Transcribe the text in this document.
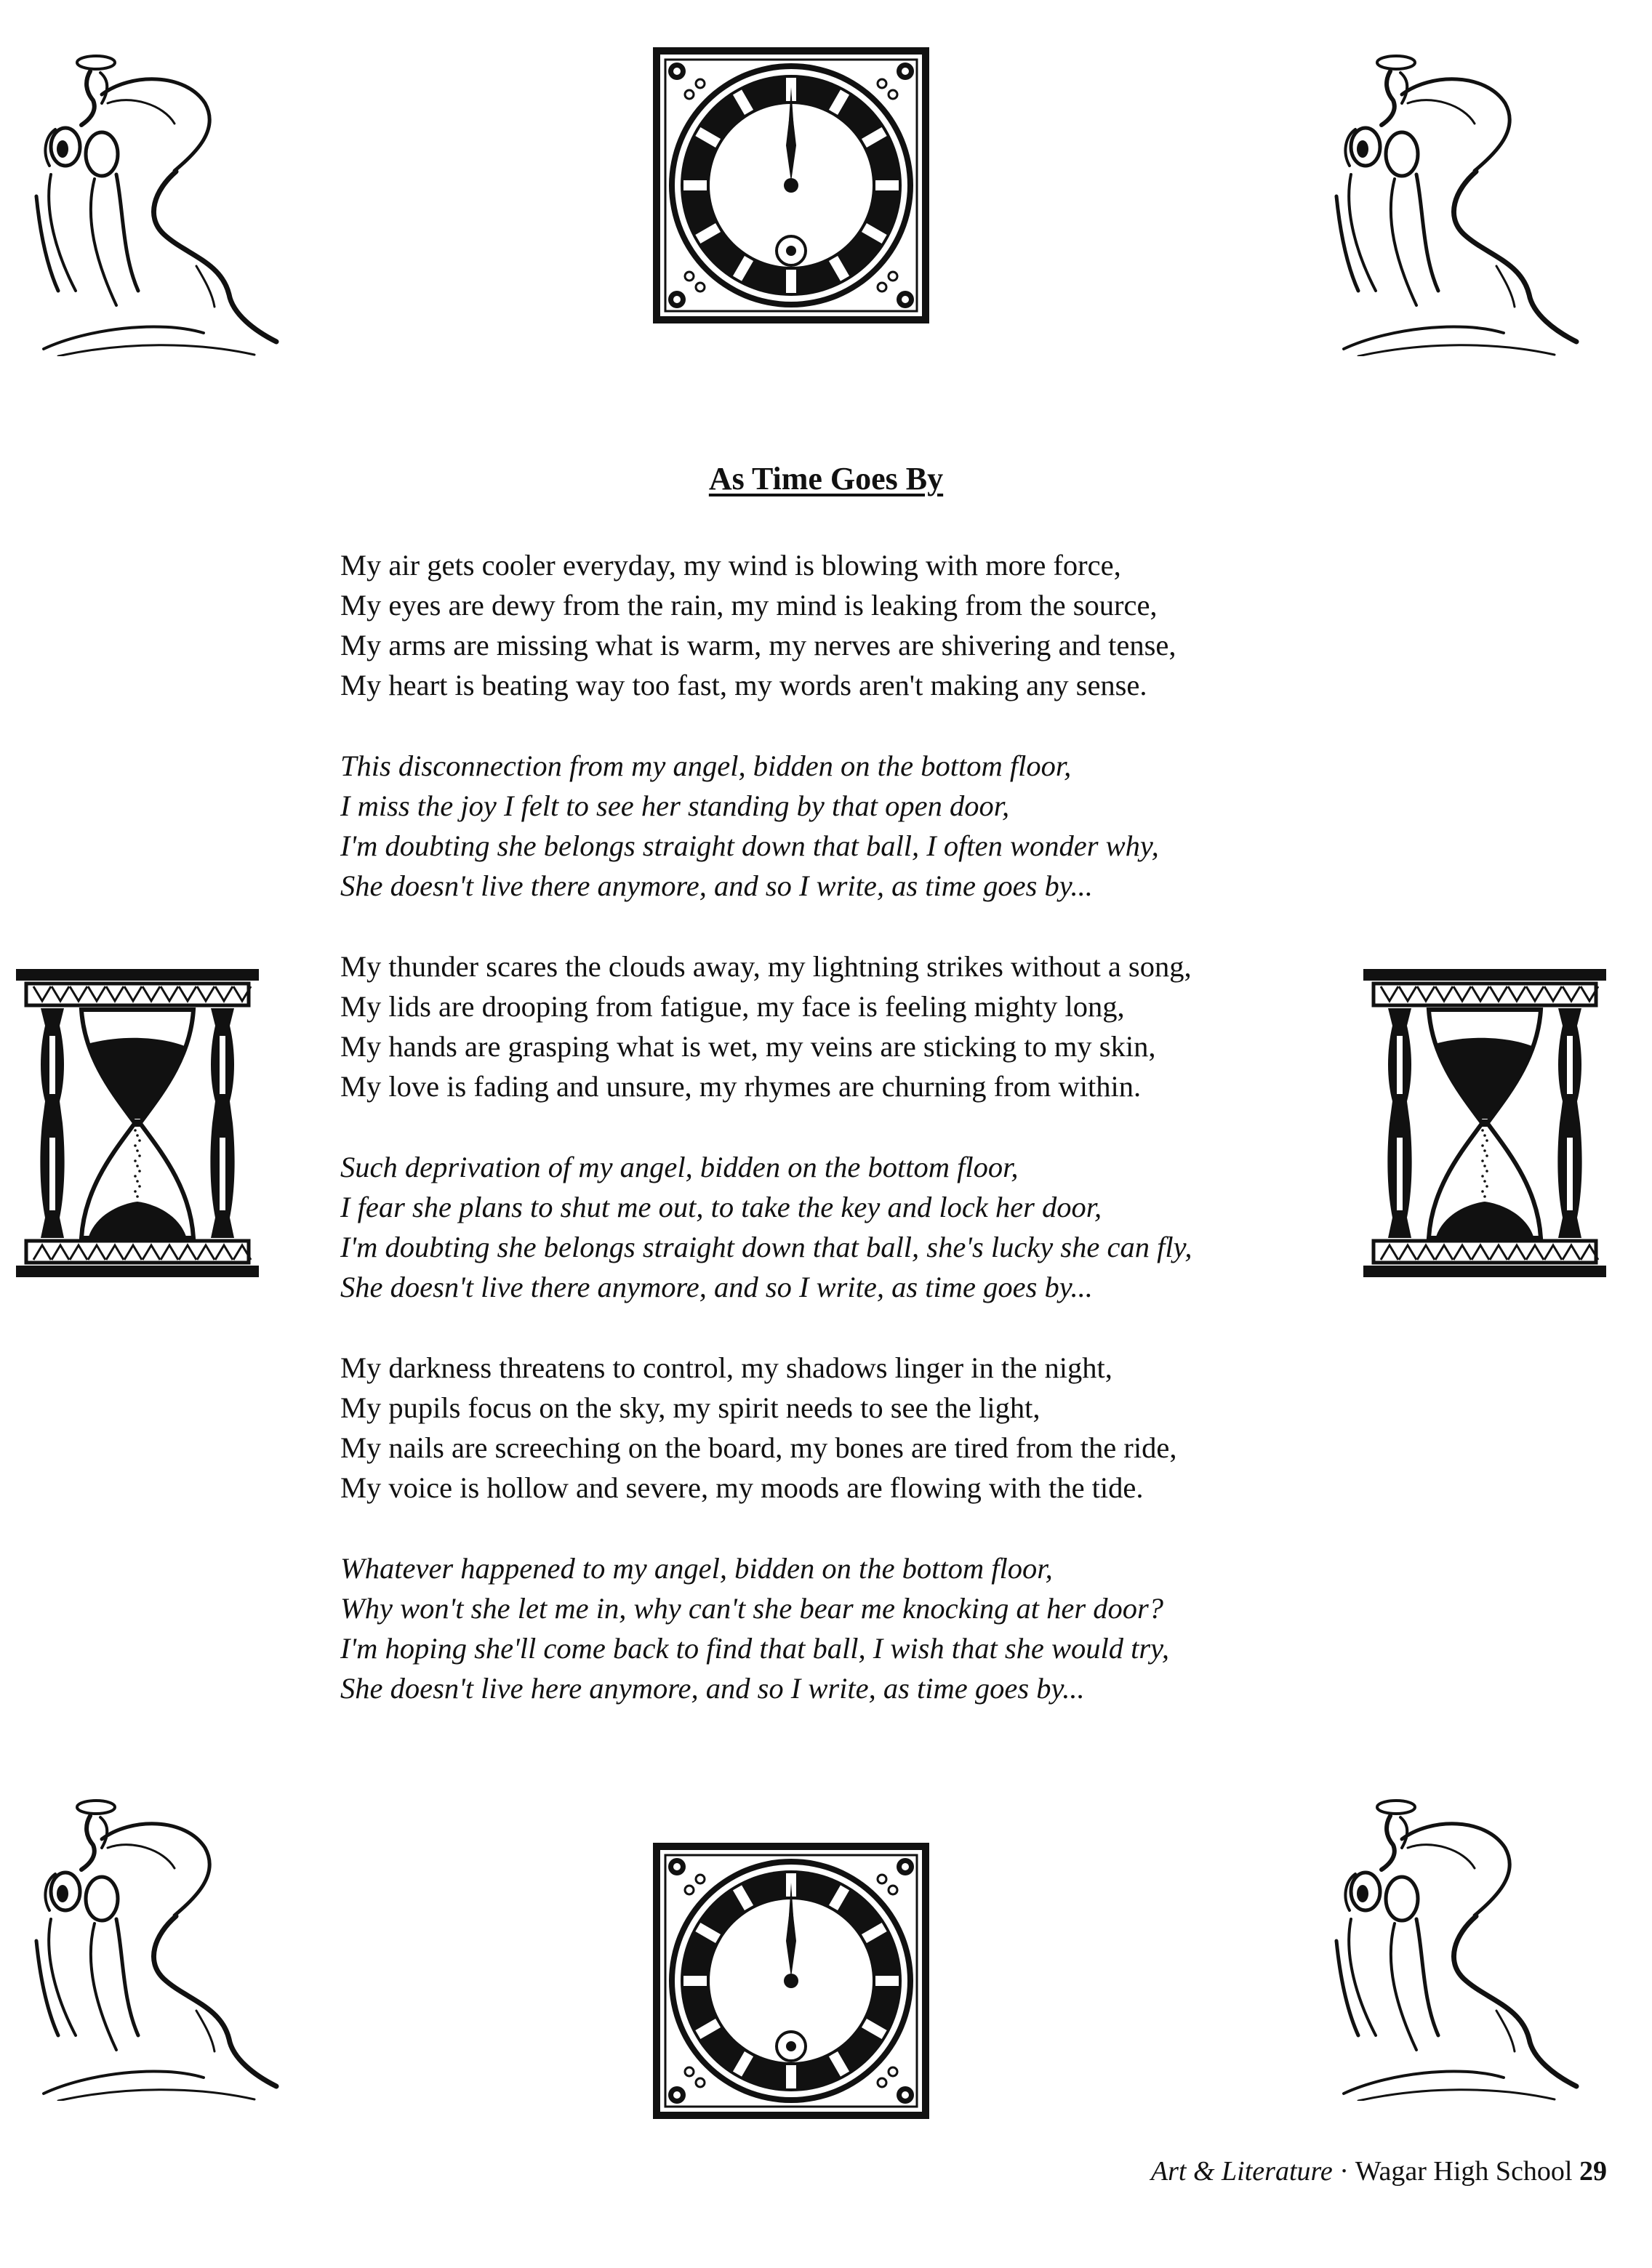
As Time Goes By
My air gets cooler everyday, my wind is blowing with more force,
My eyes are dewy from the rain, my mind is leaking from the source,
My arms are missing what is warm, my nerves are shivering and tense,
My heart is beating way too fast, my words aren't making any sense.
This disconnection from my angel, bidden on the bottom floor,
I miss the joy I felt to see her standing by that open door,
I'm doubting she belongs straight down that ball, I often wonder why,
She doesn't live there anymore, and so I write, as time goes by...
My thunder scares the clouds away, my lightning strikes without a song,
My lids are drooping from fatigue, my face is feeling mighty long,
My hands are grasping what is wet, my veins are sticking to my skin,
My love is fading and unsure, my rhymes are churning from within.
Such deprivation of my angel, bidden on the bottom floor,
I fear she plans to shut me out, to take the key and lock her door,
I'm doubting she belongs straight down that ball, she's lucky she can fly,
She doesn't live there anymore, and so I write, as time goes by...
My darkness threatens to control, my shadows linger in the night,
My pupils focus on the sky, my spirit needs to see the light,
My nails are screeching on the board, my bones are tired from the ride,
My voice is hollow and severe, my moods are flowing with the tide.
Whatever happened to my angel, bidden on the bottom floor,
Why won't she let me in, why can't she bear me knocking at her door?
I'm hoping she'll come back to find that ball, I wish that she would try,
She doesn't live here anymore, and so I write, as time goes by...
Art & Literature · Wagar High School 29
